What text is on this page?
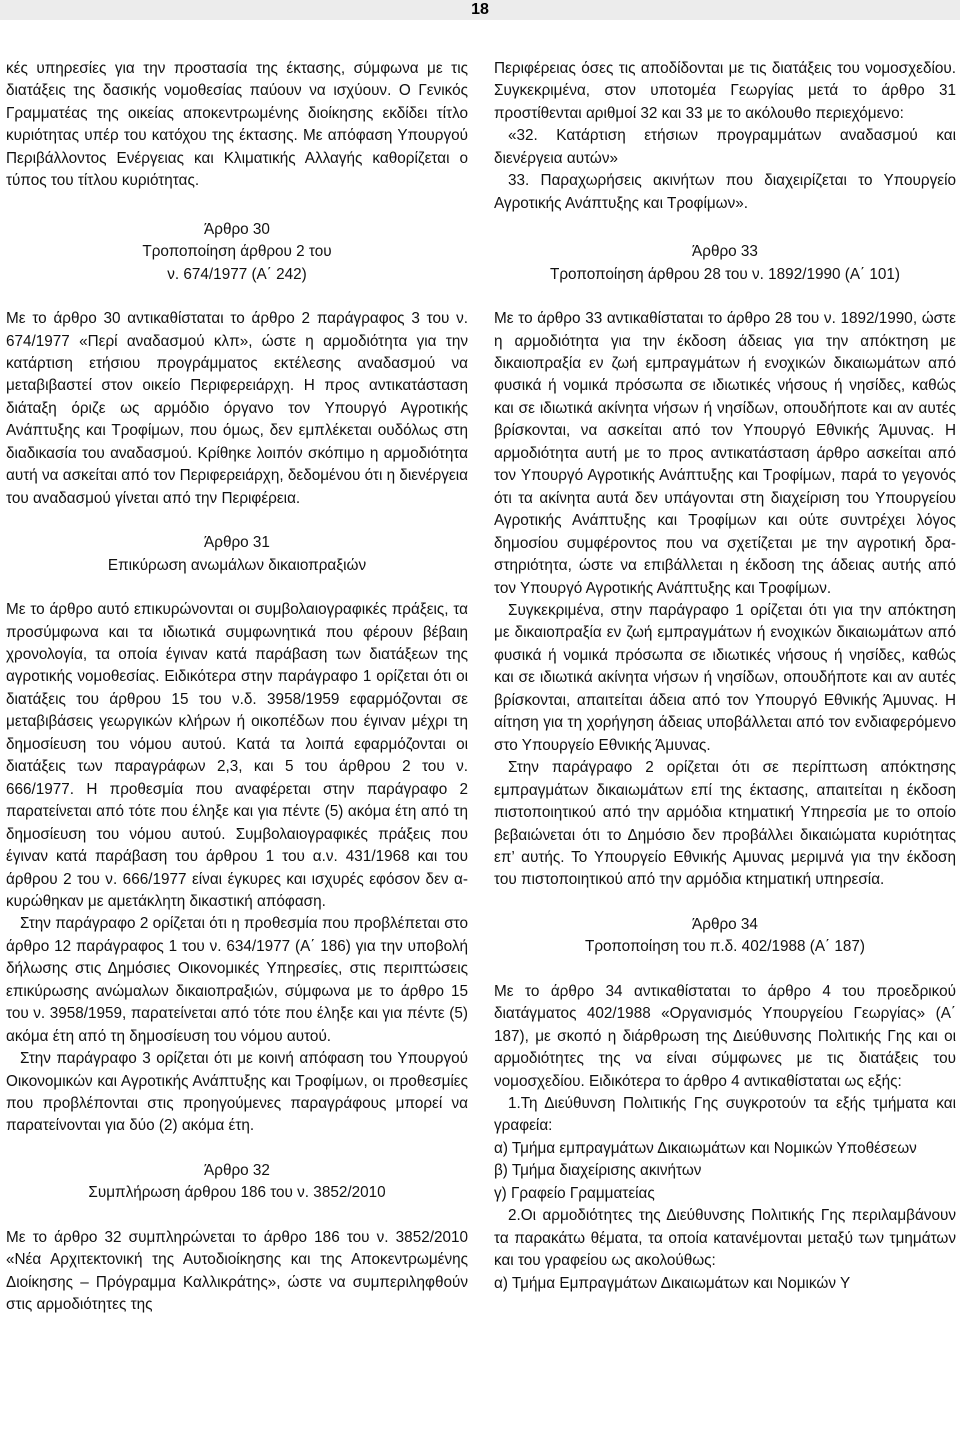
18

κές υπηρεσίες για την προστασία της έκτασης, σύμφωνα με τις διατάξεις της δασικής νομοθεσίας παύουν να ισχύουν. Ο Γενικός Γραμματέας της οικείας αποκεντρωμένης διοίκησης εκδίδει τίτλο κυριότητας υπέρ του κατόχου της έκτασης. Με απόφαση Υπουργού Περιβάλλοντος Ενέργειας και Κλιματικής Αλλαγής καθορίζεται ο τύπος του τίτλου κυριότητας.

Άρθρο 30

Τροποποίηση άρθρου 2 του

ν. 674/1977 (Α΄ 242)

Με το άρθρο 30 αντικαθίσταται το άρθρο 2 παράγραφος 3 του ν. 674/1977 «Περί αναδασμού κλπ», ώστε η αρμοδιότητα για την κατάρτιση ετήσιου προγράμματος εκτέλεσης αναδασμού να μεταβιβαστεί στον οικείο Περιφερειάρχη. Η προς αντικατάσταση διάταξη όριζε ως αρμόδιο όργανο τον Υπουργό Αγροτικής Ανάπτυξης και Τροφίμων, που όμως, δεν εμπλέκεται ουδόλως στη διαδικασία του αναδασμού. Κρίθηκε λοιπόν σκόπιμο η αρμοδιότητα αυτή να ασκείται από τον Περιφερειάρχη, δεδομένου ότι η διενέργεια του αναδασμού γίνεται από την Περιφέρεια.

Άρθρο 31

Επικύρωση ανωμάλων δικαιοπραξιών

Με το άρθρο αυτό επικυρώνονται οι συμβολαιογραφικές πράξεις, τα προσύμφωνα και τα ιδιωτικά συμφωνητικά που φέρουν βέβαιη χρονολογία, τα οποία έγιναν κατά παράβαση των διατάξεων της αγροτικής νομοθεσίας. Ειδικότερα στην παράγραφο 1 ορίζεται ότι οι διατάξεις του άρθρου 15 του ν.δ. 3958/1959 εφαρμόζονται σε μεταβιβάσεις γεωργικών κλήρων ή οικοπέδων που έγιναν μέχρι τη δημοσίευση του νόμου αυτού. Κατά τα λοιπά εφαρμόζονται οι διατάξεις των παραγράφων 2,3, και 5 του άρθρου 2 του ν. 666/1977. Η προθεσμία που αναφέρεται στην παράγραφο 2 παρατείνεται από τότε που έληξε και για πέντε (5) ακόμα έτη από τη δημοσίευση του νόμου αυτού. Συμβολαιογραφικές πράξεις που έγιναν κατά παράβαση του άρθρου 1 του α.ν. 431/1968 και του άρθρου 2 του ν. 666/1977 είναι έγκυρες και ισχυρές εφόσον δεν ακυρώθηκαν με αμετάκλητη δικαστική απόφαση.

Στην παράγραφο 2 ορίζεται ότι η προθεσμία που προβλέπεται στο άρθρο 12 παράγραφος 1 του ν. 634/1977 (Α΄ 186) για την υποβολή δήλωσης στις Δημόσιες Οικονομικές Υπηρεσίες, στις περιπτώσεις επικύρωσης ανώμαλων δικαιοπραξιών, σύμφωνα με το άρθρο 15 του ν. 3958/1959, παρατείνεται από τότε που έληξε και για πέντε (5) ακόμα έτη από τη δημοσίευση του νόμου αυτού.

Στην παράγραφο 3 ορίζεται ότι με κοινή απόφαση του Υπουργού Οικονομικών και Αγροτικής Ανάπτυξης και Τροφίμων, οι προθεσμίες που προβλέπονται στις προηγούμενες παραγράφους μπορεί να παρατείνονται για δύο (2) ακόμα έτη.

Άρθρο 32

Συμπλήρωση άρθρου 186 του ν. 3852/2010

Με το άρθρο 32 συμπληρώνεται το άρθρο 186 του ν. 3852/2010 «Νέα Αρχιτεκτονική της Αυτοδιοίκησης και της Αποκεντρωμένης Διοίκησης – Πρόγραμμα Καλλικράτης», ώστε να συμπεριληφθούν στις αρμοδιότητες της

Περιφέρειας όσες τις αποδίδονται με τις διατάξεις του νομοσχεδίου. Συγκεκριμένα, στον υποτομέα Γεωργίας μετά το άρθρο 31 προστίθενται αριθμοί 32 και 33 με το ακόλουθο περιεχόμενο:

«32. Κατάρτιση ετήσιων προγραμμάτων αναδασμού και διενέργεια αυτών»

33. Παραχωρήσεις ακινήτων που διαχειρίζεται το Υπουργείο Αγροτικής Ανάπτυξης και Τροφίμων».

Άρθρο 33

Τροποποίηση άρθρου 28 του ν. 1892/1990 (Α΄ 101)

Με το άρθρο 33 αντικαθίσταται το άρθρο 28 του ν. 1892/1990, ώστε η αρμοδιότητα για την έκδοση άδειας για την απόκτηση με δικαιοπραξία εν ζωή εμπραγμάτων ή ενοχικών δικαιωμάτων από φυσικά ή νομικά πρόσωπα σε ιδιωτικές νήσους ή νησίδες, καθώς και σε ιδιωτικά ακίνητα νήσων ή νησίδων, οπουδήποτε και αν αυτές βρίσκονται, να ασκείται από τον Υπουργό Εθνικής Άμυνας. Η αρμοδιότητα αυτή με το προς αντικατάσταση άρθρο ασκείται από τον Υπουργό Αγροτικής Ανάπτυξης και Τροφίμων, παρά το γεγονός ότι τα ακίνητα αυτά δεν υπάγονται στη διαχείριση του Υπουργείου Αγροτικής Ανάπτυξης και Τροφίμων και ούτε συντρέχει λόγος δημοσίου συμφέροντος που να σχετίζεται με την αγροτική δραστηριότητα, ώστε να επιβάλλεται η έκδοση της άδειας αυτής από τον Υπουργό Αγροτικής Ανάπτυξης και Τροφίμων.

Συγκεκριμένα, στην παράγραφο 1 ορίζεται ότι για την απόκτηση με δικαιοπραξία εν ζωή εμπραγμάτων ή ενοχικών δικαιωμάτων από φυσικά ή νομικά πρόσωπα σε ιδιωτικές νήσους ή νησίδες, καθώς και σε ιδιωτικά ακίνητα νήσων ή νησίδων, οπουδήποτε και αν αυτές βρίσκονται, απαιτείται άδεια από τον Υπουργό Εθνικής Άμυνας. Η αίτηση για τη χορήγηση άδειας υποβάλλεται από τον ενδιαφερόμενο στο Υπουργείο Εθνικής Άμυνας.

Στην παράγραφο 2 ορίζεται ότι σε περίπτωση απόκτησης εμπραγμάτων δικαιωμάτων επί της έκτασης, απαιτείται η έκδοση πιστοποιητικού από την αρμόδια κτηματική Υπηρεσία με το οποίο βεβαιώνεται ότι το Δημόσιο δεν προβάλλει δικαιώματα κυριότητας επ’ αυτής. Το Υπουργείο Εθνικής Αμυνας μεριμνά για την έκδοση του πιστοποιητικού από την αρμόδια κτηματική υπηρεσία.

Άρθρο 34

Τροποποίηση του π.δ. 402/1988 (Α΄ 187)

Με το άρθρο 34 αντικαθίσταται το άρθρο 4 του προεδρικού διατάγματος 402/1988 «Οργανισμός Υπουργείου Γεωργίας» (Α΄ 187), με σκοπό η διάρθρωση της Διεύθυνσης Πολιτικής Γης και οι αρμοδιότητες της να είναι σύμφωνες με τις διατάξεις του νομοσχεδίου. Ειδικότερα το άρθρο 4 αντικαθίσταται ως εξής:

1.Τη Διεύθυνση Πολιτικής Γης συγκροτούν τα εξής τμήματα και γραφεία:

α) Τμήμα εμπραγμάτων Δικαιωμάτων και Νομικών Υποθέσεων

β) Τμήμα διαχείρισης ακινήτων

γ) Γραφείο Γραμματείας

2.Οι αρμοδιότητες της Διεύθυνσης Πολιτικής Γης περιλαμβάνουν τα παρακάτω θέματα, τα οποία κατανέμονται μεταξύ των τμημάτων και του γραφείου ως ακολούθως:

α) Τμήμα Εμπραγμάτων Δικαιωμάτων και Νομικών Υ
